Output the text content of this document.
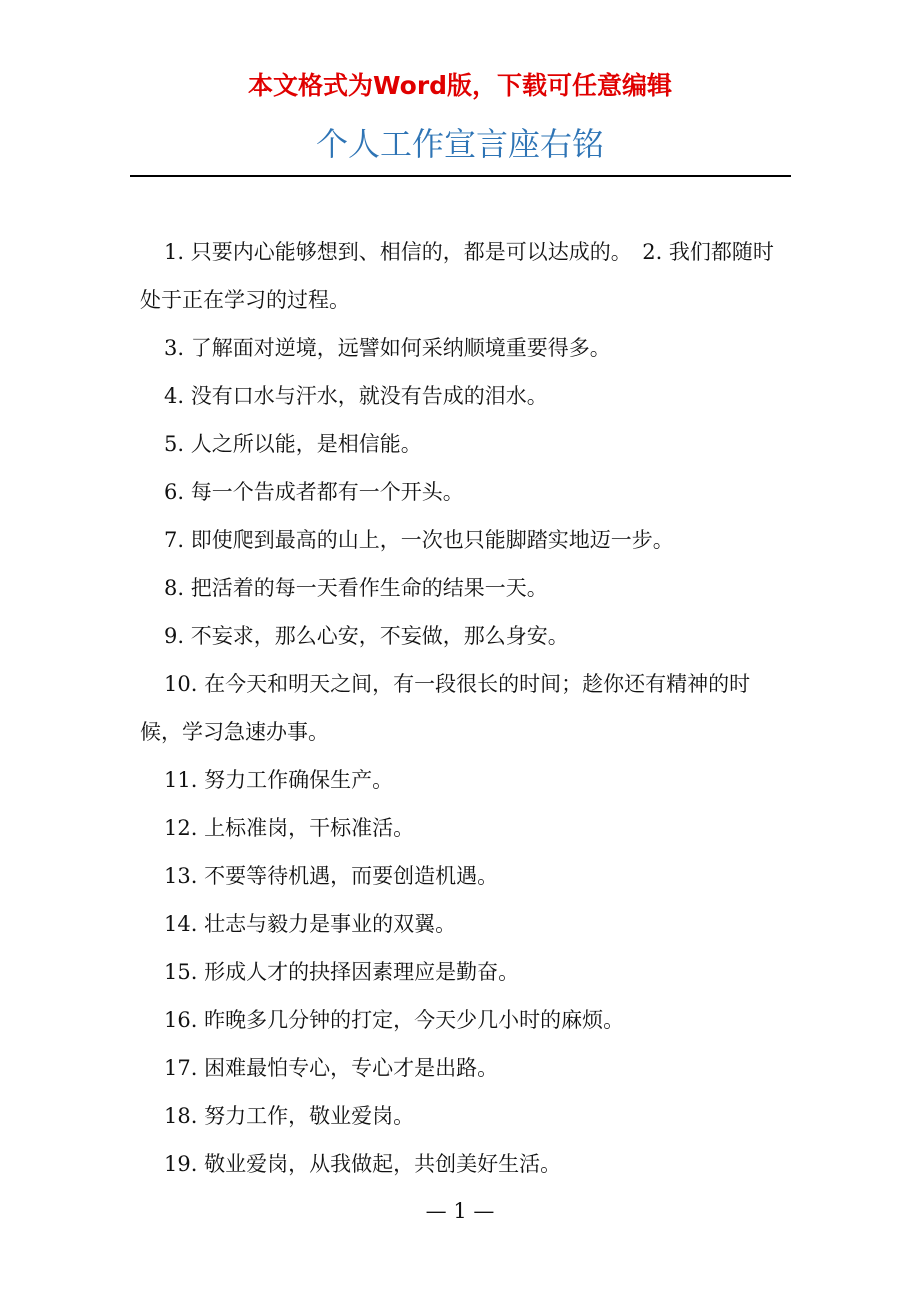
本文格式为Word版，下载可任意编辑
个人工作宣言座右铭

1. 只要内心能够想到、相信的，都是可以达成的。　2. 我们都随时处于正在学习的过程。

3. 了解面对逆境，远譬如何采纳顺境重要得多。

4. 没有口水与汗水，就没有告成的泪水。

5. 人之所以能，是相信能。

6. 每一个告成者都有一个开头。

7. 即使爬到最高的山上，一次也只能脚踏实地迈一步。

8. 把活着的每一天看作生命的结果一天。

9. 不妄求，那么心安，不妄做，那么身安。

10. 在今天和明天之间，有一段很长的时间；趁你还有精神的时候，学习急速办事。

11. 努力工作确保生产。

12. 上标准岗，干标准活。

13. 不要等待机遇，而要创造机遇。

14. 壮志与毅力是事业的双翼。

15. 形成人才的抉择因素理应是勤奋。

16. 昨晚多几分钟的打定，今天少几小时的麻烦。

17. 困难最怕专心，专心才是出路。

18. 努力工作，敬业爱岗。

19. 敬业爱岗，从我做起，共创美好生活。

— 1 —
